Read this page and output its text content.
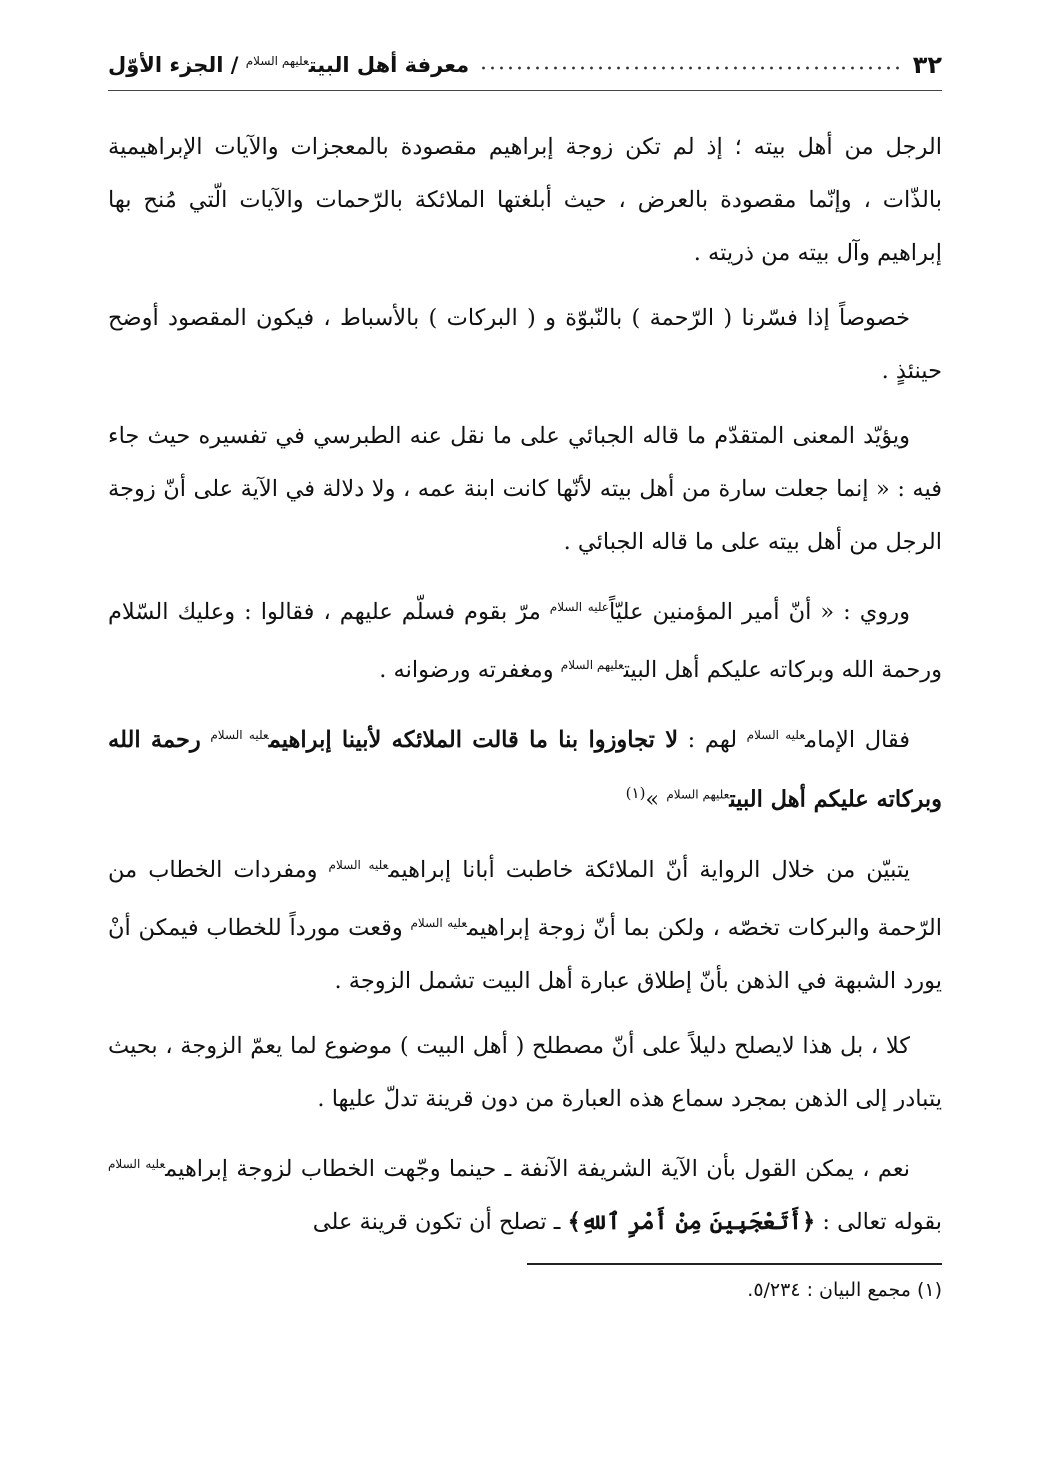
٣٢
معرفة أهل البيت$^{عليهم السلام}$ / الجزء الأوّل

الرجل من أهل بيته ؛ إذ لم تكن زوجة إبراهيم مقصودة بالمعجزات والآيات الإبراهيمية بالذّات ، وإنّما مقصودة بالعرض ، حيث أبلغتها الملائكة بالرّحمات والآيات الّتي مُنح بها إبراهيم وآل بيته من ذريته .

خصوصاً إذا فسّرنا ( الرّحمة ) بالنّبوّة و ( البركات ) بالأسباط ، فيكون المقصود أوضح حينئذٍ .

ويؤيّد المعنى المتقدّم ما قاله الجبائي على ما نقل عنه الطبرسي في تفسيره حيث جاء فيه : « إنما جعلت سارة من أهل بيته لأنّها كانت ابنة عمه ، ولا دلالة في الآية على أنّ زوجة الرجل من أهل بيته على ما قاله الجبائي .

وروي : « أنّ أمير المؤمنين عليّاً$^{عليه السلام}$ مرّ بقوم فسلّم عليهم ، فقالوا : وعليك السّلام ورحمة الله وبركاته عليكم أهل البيت$^{عليهم السلام}$ ومغفرته ورضوانه .

فقال الإمام$^{عليه السلام}$ لهم : لا تجاوزوا بنا ما قالت الملائكه لأبينا إبراهيم$^{عليه السلام}$ رحمة الله وبركاته عليكم أهل البيت$^{عليهم السلام}$ »$^{(١)}$

يتبيّن من خلال الرواية أنّ الملائكة خاطبت أبانا إبراهيم$^{عليه السلام}$ ومفردات الخطاب من الرّحمة والبركات تخصّه ، ولكن بما أنّ زوجة إبراهيم$^{عليه السلام}$ وقعت مورداً للخطاب فيمكن أنْ يورد الشبهة في الذهن بأنّ إطلاق عبارة أهل البيت تشمل الزوجة .

كلا ، بل هذا لايصلح دليلاً على أنّ مصطلح ( أهل البيت ) موضوع لما يعمّ الزوجة ، بحيث يتبادر إلى الذهن بمجرد سماع هذه العبارة من دون قرينة تدلّ عليها .

نعم ، يمكن القول بأن الآية الشريفة الآنفة ـ حينما وجّهت الخطاب لزوجة إبراهيم$^{عليه السلام}$ بقوله تعالى : ﴿أَتَعْجَبِينَ مِنْ أَمْرِ ٱللهِ﴾ ـ تصلح أن تكون قرينة على

(١) مجمع البيان : ٥/٢٣٤.
